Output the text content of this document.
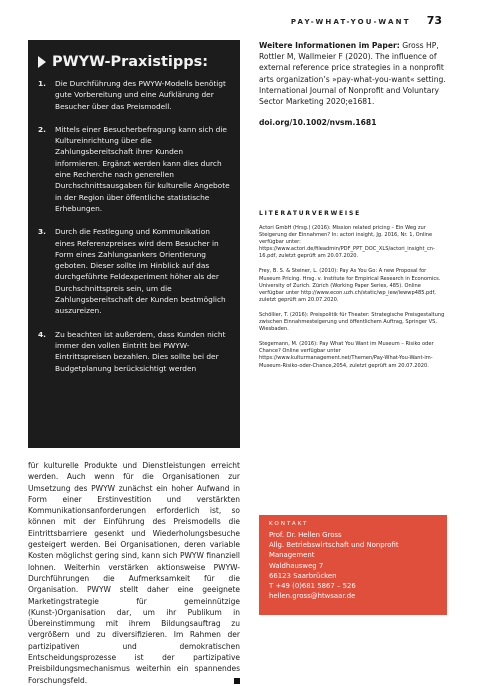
PAY-WHAT-YOU-WANT 73
PWYW-Praxistipps:
1.	Die Durchführung des PWYW-Modells benötigt gute Vorbereitung und eine Aufklärung der Besucher über das Preismodell.
2.	Mittels einer Besucherbefragung kann sich die Kultureinrichtung über die Zahlungsbereitschaft ihrer Kunden informieren. Ergänzt werden kann dies durch eine Recherche nach generellen Durchschnittsausgaben für kulturelle Angebote in der Region über öffentliche statistische Erhebungen.
3.	Durch die Festlegung und Kommunikation eines Referenzpreises wird dem Besucher in Form eines Zahlungsankers Orientierung geboten. Dieser sollte im Hinblick auf das durchgeführte Feldexperiment höher als der Durchschnittspreis sein, um die Zahlungsbereitschaft der Kunden bestmöglich auszureizen.
4.	Zu beachten ist außerdem, dass Kunden nicht immer den vollen Eintritt bei PWYW-Eintrittspreisen bezahlen. Dies sollte bei der Budgetplanung berücksichtigt werden
Weitere Informationen im Paper: Gross HP, Rottler M, Wallmeier F (2020). The influence of external reference price strategies in a nonprofit arts organization’s »pay-what-you-want« setting. International Journal of Nonprofit and Voluntary Sector Marketing 2020;e1681.
doi.org/10.1002/nvsm.1681
LITERATURVERWEISE
Actori GmbH (Hrsg.) (2016): Mission related pricing – Ein Weg zur Steigerung der Einnahmen? In: actori insight, Jg. 2016, Nr. 1, Online verfügbar unter: https://www.actori.de/fileadmin/PDF_PPT_DOC_XLS/actori_insight_cn-16.pdf, zuletzt geprüft am 20.07.2020.
Frey, B. S. & Steiner, L. (2010): Pay As You Go: A new Proposal for Museum Pricing. Hrsg. v. Institute for Empirical Research in Economics. University of Zurich. Zürich (Working Paper Series, 485). Online verfügbar unter http://www.econ.uzh.ch/static/wp_iew/iewwp485.pdf, zuletzt geprüft am 20.07.2020.
Schöllier, T. (2016): Preispolitik für Theater: Strategische Preisgestaltung zwischen Einnahmesteigerung und öffentlichem Auftrag, Springer VS, Wiesbaden.
Stegemann, M. (2016): Pay What You Want im Museum – Risiko oder Chance? Online verfügbar unter https://www.kulturmanagement.net/Themen/Pay-What-You-Want-im-Museum-Risiko-oder-Chance,2054, zuletzt geprüft am 20.07.2020.
für kulturelle Produkte und Dienstleistungen erreicht werden. Auch wenn für die Organisationen zur Umsetzung des PWYW zunächst ein hoher Aufwand in Form einer Erstinvestition und verstärkten Kommunikationsanforderungen erforderlich ist, so können mit der Einführung des Preismodells die Eintrittsbarriere gesenkt und Wiederholungsbesuche gesteigert werden. Bei Organisationen, deren variable Kosten möglichst gering sind, kann sich PWYW finanziell lohnen. Weiterhin verstärken aktionsweise PWYW-Durchführungen die Aufmerksamkeit für die Organisation. PWYW stellt daher eine geeignete Marketingstrategie für gemeinnützige (Kunst-)Organisation dar, um ihr Publikum in Übereinstimmung mit ihrem Bildungsauftrag zu vergrößern und zu diversifizieren. Im Rahmen der partizipativen und demokratischen Entscheidungsprozesse ist der partizipative Preisbildungsmechanismus weiterhin ein spannendes Forschungsfeld.
KONTAKT
Prof. Dr. Hellen Gross
Allg. Betriebswirtschaft und Nonprofit
Management
Waldhausweg 7
66123 Saarbrücken
T +49 (0)681 5867 – 526
hellen.gross@htwsaar.de
